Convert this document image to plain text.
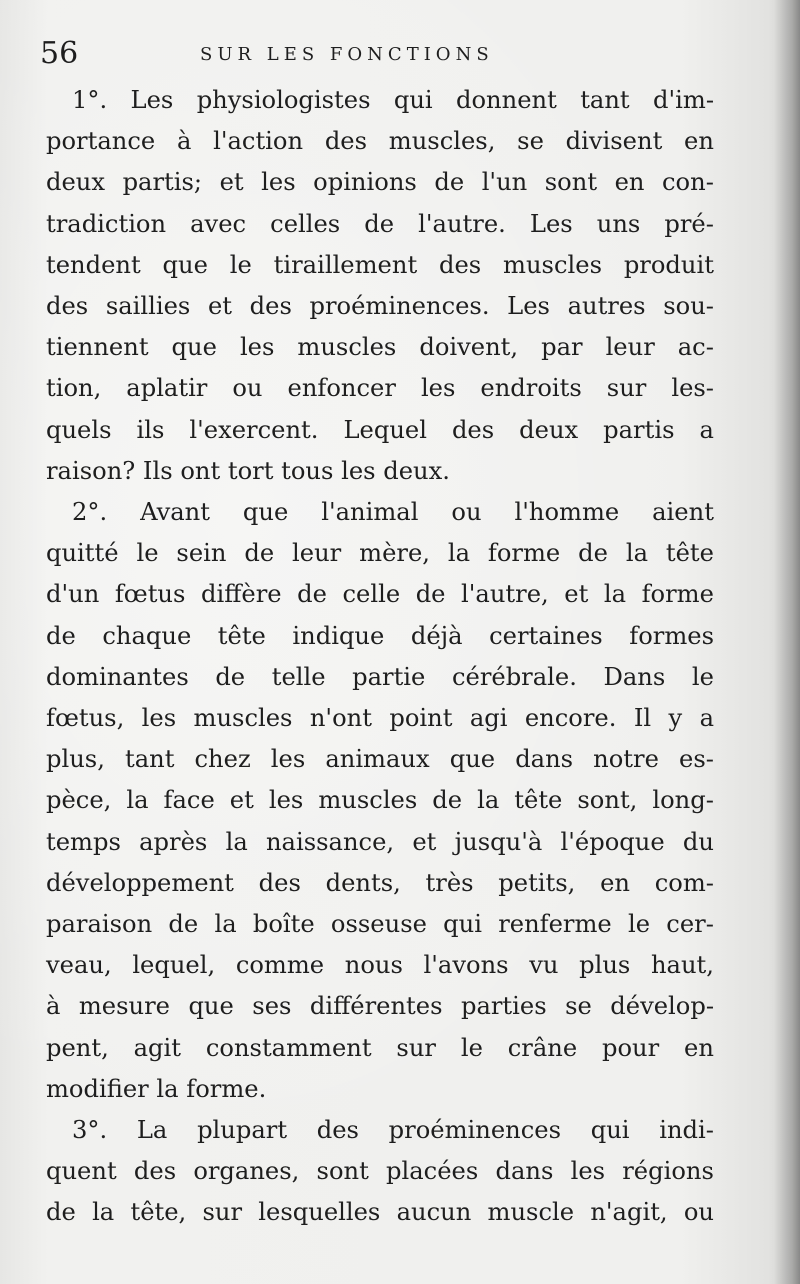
56	SUR LES FONCTIONS

1°. Les physiologistes qui donnent tant d'im-
portance à l'action des muscles, se divisent en
deux partis; et les opinions de l'un sont en con-
tradiction avec celles de l'autre. Les uns pré-
tendent que le tiraillement des muscles produit
des saillies et des proéminences. Les autres sou-
tiennent que les muscles doivent, par leur ac-
tion, aplatir ou enfoncer les endroits sur les-
quels ils l'exercent. Lequel des deux partis a
raison? Ils ont tort tous les deux.

2°. Avant que l'animal ou l'homme aient
quitté le sein de leur mère, la forme de la tête
d'un fœtus diffère de celle de l'autre, et la forme
de chaque tête indique déjà certaines formes
dominantes de telle partie cérébrale. Dans le
fœtus, les muscles n'ont point agi encore. Il y a
plus, tant chez les animaux que dans notre es-
pèce, la face et les muscles de la tête sont, long-
temps après la naissance, et jusqu'à l'époque du
développement des dents, très petits, en com-
paraison de la boîte osseuse qui renferme le cer-
veau, lequel, comme nous l'avons vu plus haut,
à mesure que ses différentes parties se dévelop-
pent, agit constamment sur le crâne pour en
modifier la forme.

3°. La plupart des proéminences qui indi-
quent des organes, sont placées dans les régions
de la tête, sur lesquelles aucun muscle n'agit, ou
